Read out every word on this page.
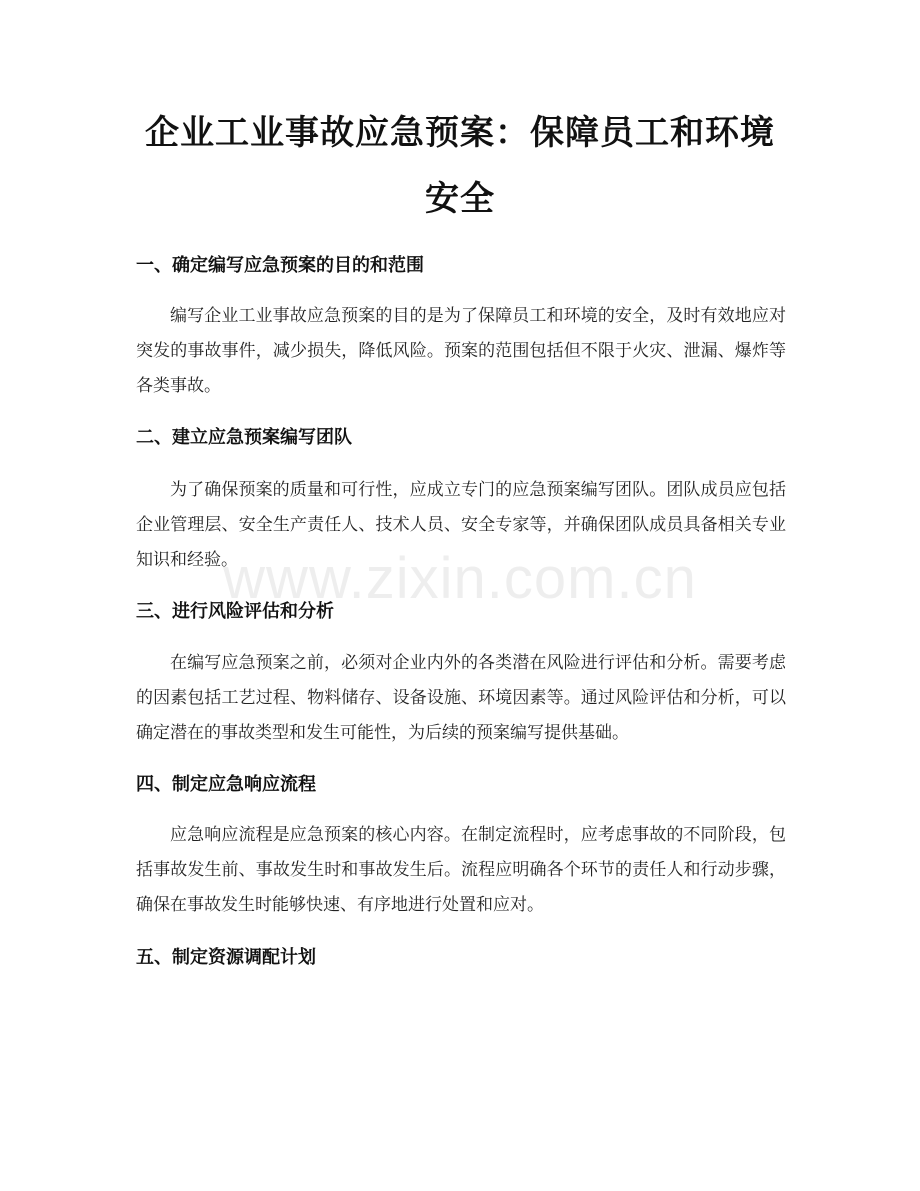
企业工业事故应急预案：保障员工和环境安全
一、确定编写应急预案的目的和范围

编写企业工业事故应急预案的目的是为了保障员工和环境的安全，及时有效地应对突发的事故事件，减少损失，降低风险。预案的范围包括但不限于火灾、泄漏、爆炸等各类事故。

二、建立应急预案编写团队

为了确保预案的质量和可行性，应成立专门的应急预案编写团队。团队成员应包括企业管理层、安全生产责任人、技术人员、安全专家等，并确保团队成员具备相关专业知识和经验。

三、进行风险评估和分析

在编写应急预案之前，必须对企业内外的各类潜在风险进行评估和分析。需要考虑的因素包括工艺过程、物料储存、设备设施、环境因素等。通过风险评估和分析，可以确定潜在的事故类型和发生可能性，为后续的预案编写提供基础。

四、制定应急响应流程

应急响应流程是应急预案的核心内容。在制定流程时，应考虑事故的不同阶段，包括事故发生前、事故发生时和事故发生后。流程应明确各个环节的责任人和行动步骤，确保在事故发生时能够快速、有序地进行处置和应对。

五、制定资源调配计划
www.zixin.com.cn
